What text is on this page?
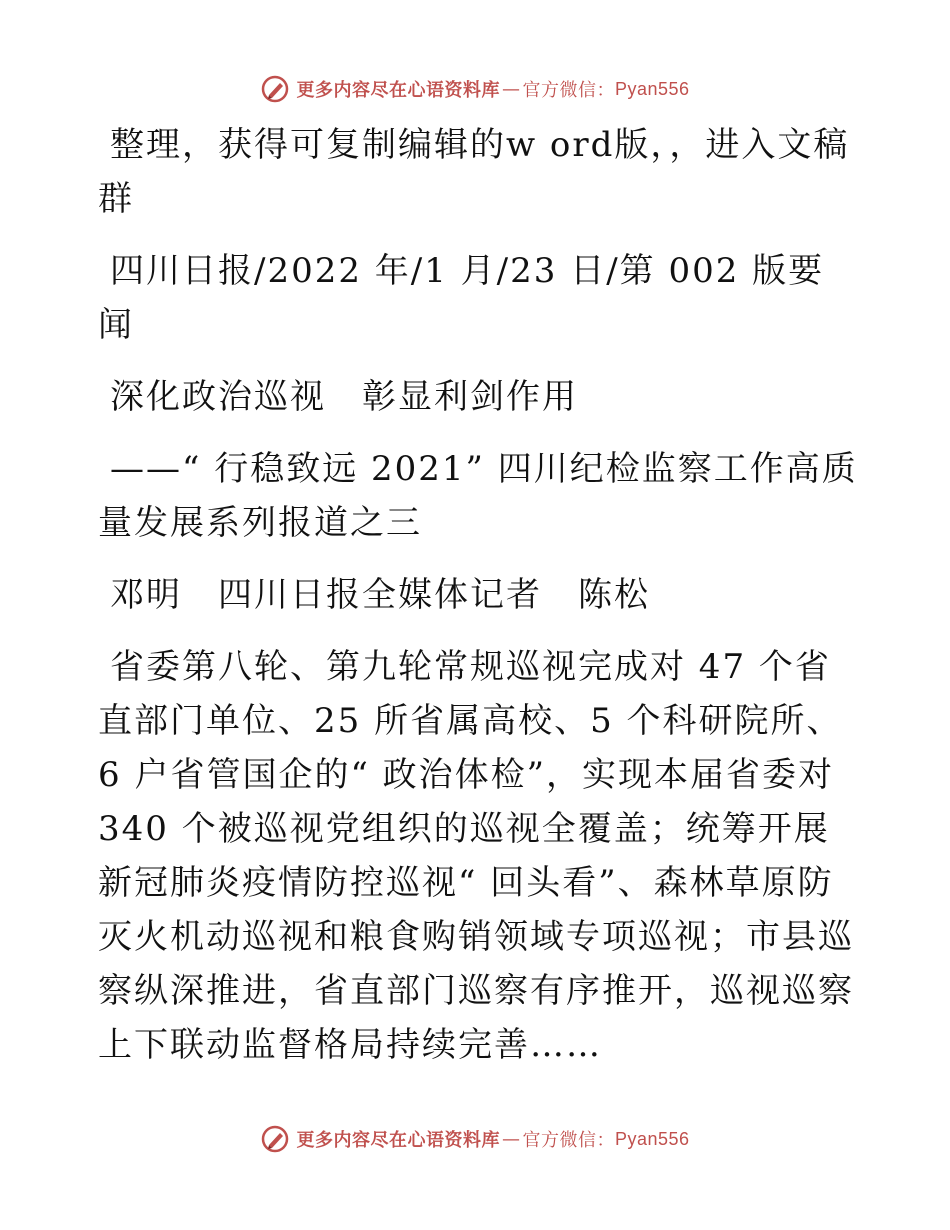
更多内容尽在心语资料库 — 官方微信： Pyan556

整理，获得可复制编辑的w ord版，，进入文稿群

四川日报/2022 年/1 月/23 日/第 002 版要闻

深化政治巡视　彰显利剑作用

——“ 行稳致远 2021” 四川纪检监察工作高质量发展系列报道之三

邓明　四川日报全媒体记者　陈松

省委第八轮、第九轮常规巡视完成对 47 个省直部门单位、25 所省属高校、5 个科研院所、6 户省管国企的“ 政治体检”，实现本届省委对 340 个被巡视党组织的巡视全覆盖；统筹开展新冠肺炎疫情防控巡视“ 回头看”、森林草原防灭火机动巡视和粮食购销领域专项巡视；市县巡察纵深推进，省直部门巡察有序推开，巡视巡察上下联动监督格局持续完善……

更多内容尽在心语资料库 — 官方微信： Pyan556
